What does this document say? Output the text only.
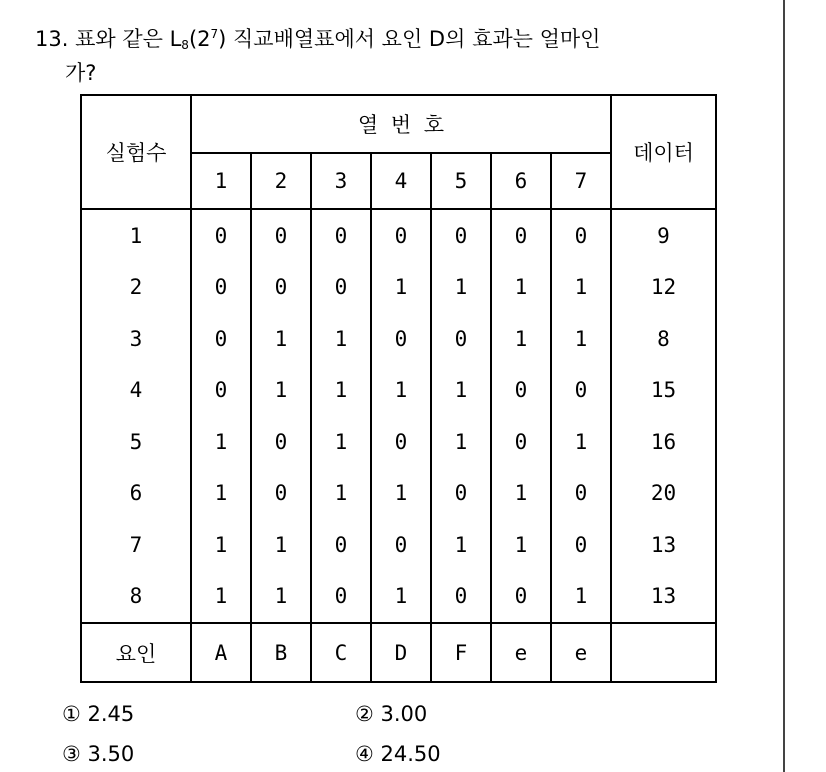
13. 표와 같은 $L_8(2^7)$ 직교배열표에서 요인 D의 효과는 얼마인
가?
실험수	열 번 호							데이터
	1	2	3	4	5	6	7	
1	0	0	0	0	0	0	0	9
2	0	0	0	1	1	1	1	12
3	0	1	1	0	0	1	1	8
4	0	1	1	1	1	0	0	15
5	1	0	1	0	1	0	1	16
6	1	0	1	1	0	1	0	20
7	1	1	0	0	1	1	0	13
8	1	1	0	1	0	0	1	13
요인	A	B	C	D	F	e	e	
① 2.45	② 3.00
③ 3.50	④ 24.50
